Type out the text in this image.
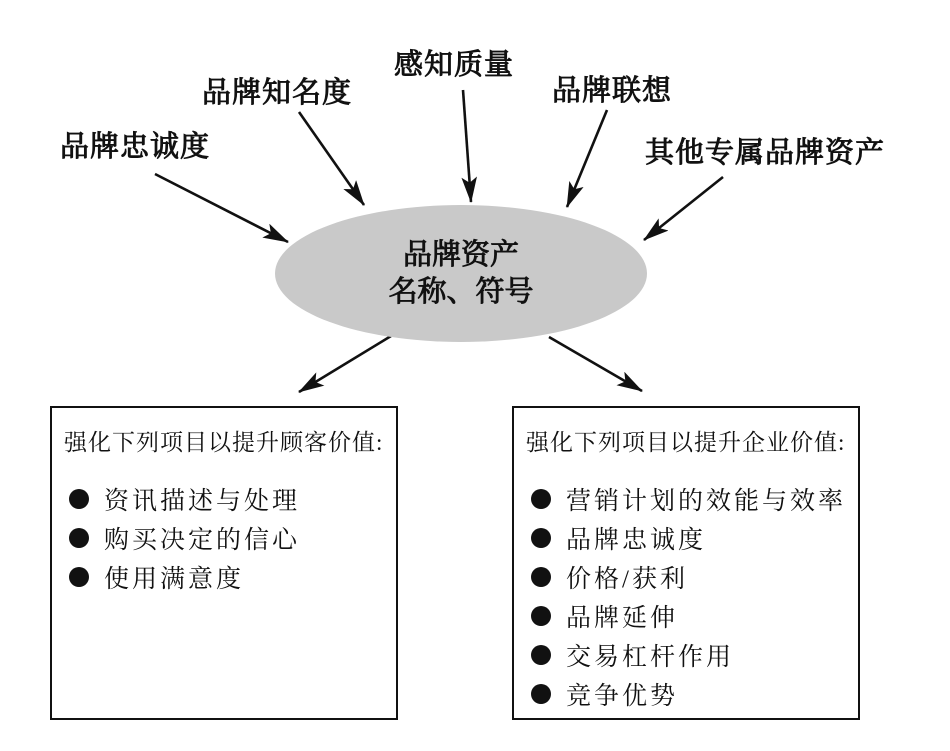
品牌忠诚度
品牌知名度
感知质量
品牌联想
其他专属品牌资产
品牌资产
名称、符号
强化下列项目以提升顾客价值:
资讯描述与处理
购买决定的信心
使用满意度
强化下列项目以提升企业价值:
营销计划的效能与效率
品牌忠诚度
价格/获利
品牌延伸
交易杠杆作用
竞争优势
